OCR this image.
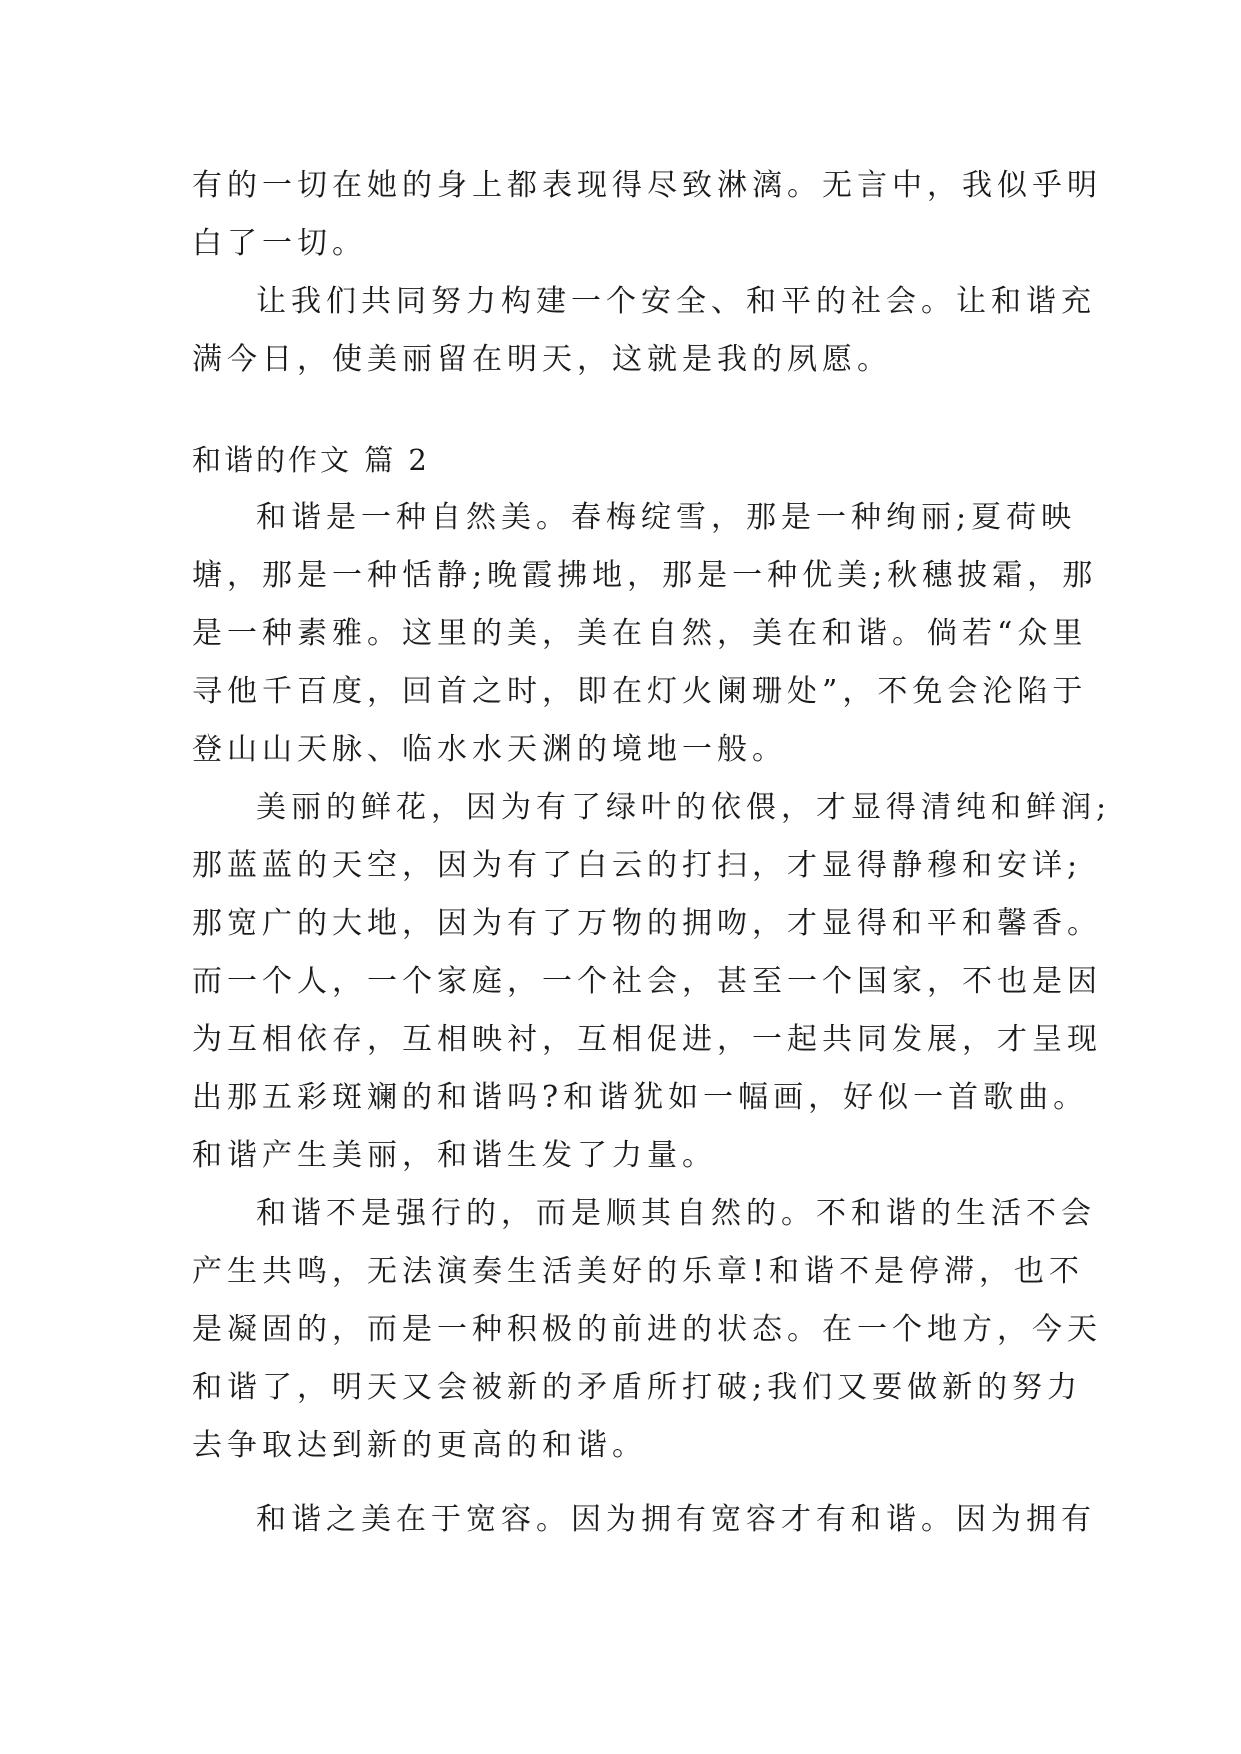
有的一切在她的身上都表现得尽致淋漓。无言中，我似乎明
白了一切。
让我们共同努力构建一个安全、和平的社会。让和谐充
满今日，使美丽留在明天，这就是我的夙愿。
和谐的作文 篇 2
和谐是一种自然美。春梅绽雪，那是一种绚丽;夏荷映
塘，那是一种恬静;晚霞拂地，那是一种优美;秋穗披霜，那
是一种素雅。这里的美，美在自然，美在和谐。倘若“众里
寻他千百度，回首之时，即在灯火阑珊处”，不免会沦陷于
登山山天脉、临水水天渊的境地一般。
美丽的鲜花，因为有了绿叶的依偎，才显得清纯和鲜润;
那蓝蓝的天空，因为有了白云的打扫，才显得静穆和安详;
那宽广的大地，因为有了万物的拥吻，才显得和平和馨香。
而一个人，一个家庭，一个社会，甚至一个国家，不也是因
为互相依存，互相映衬，互相促进，一起共同发展，才呈现
出那五彩斑斓的和谐吗?和谐犹如一幅画，好似一首歌曲。
和谐产生美丽，和谐生发了力量。
和谐不是强行的，而是顺其自然的。不和谐的生活不会
产生共鸣，无法演奏生活美好的乐章!和谐不是停滞，也不
是凝固的，而是一种积极的前进的状态。在一个地方，今天
和谐了，明天又会被新的矛盾所打破;我们又要做新的努力
去争取达到新的更高的和谐。
和谐之美在于宽容。因为拥有宽容才有和谐。因为拥有
